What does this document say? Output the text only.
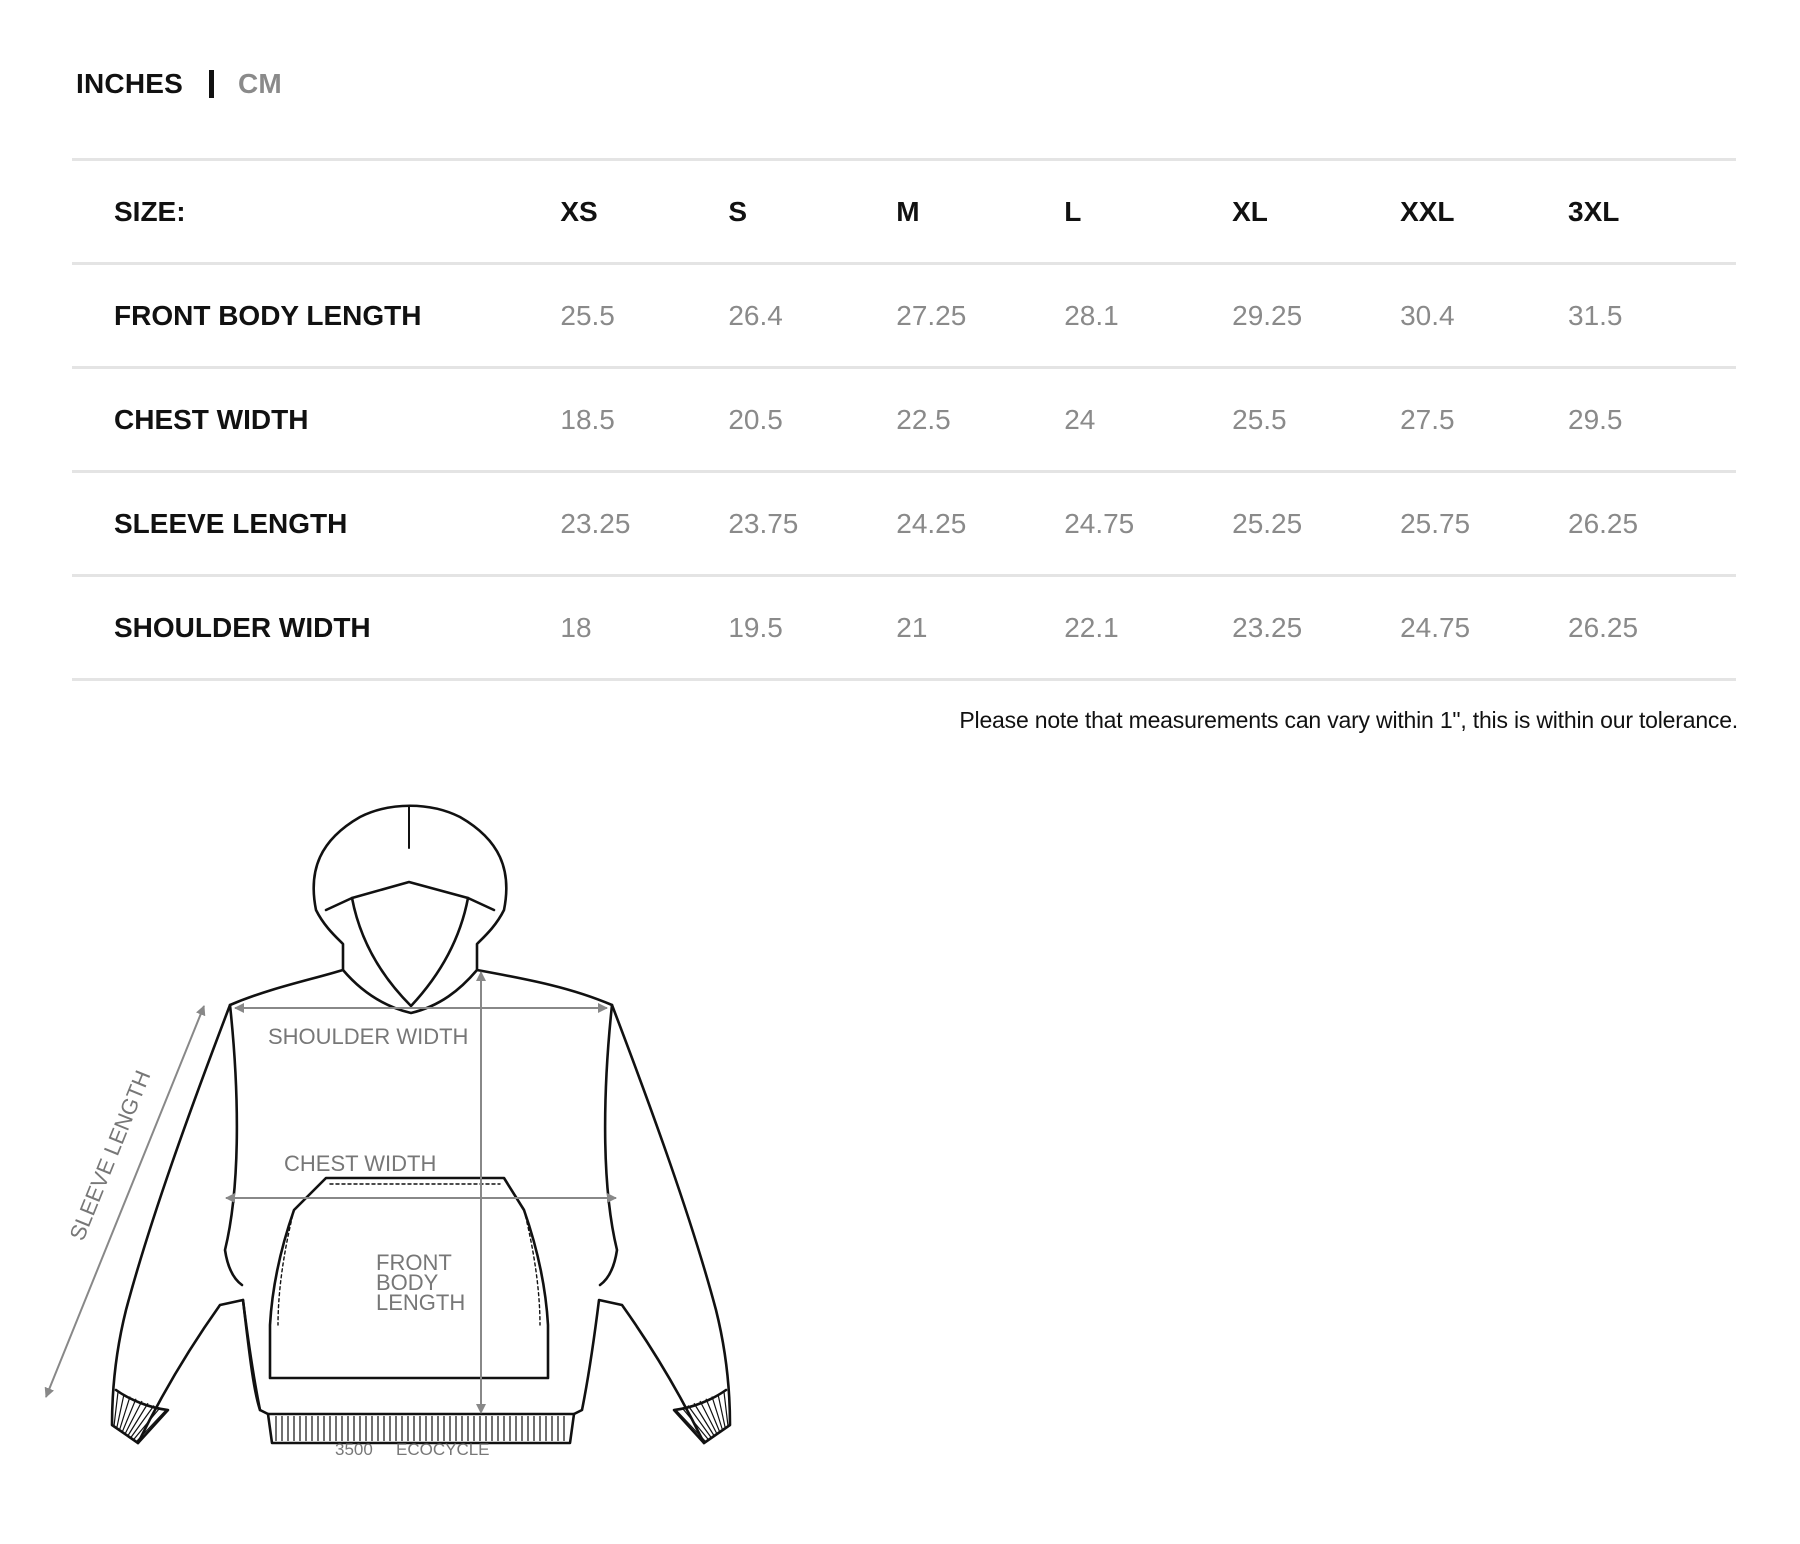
INCHES CM
SIZE:	XS	S	M	L	XL	XXL	3XL
FRONT BODY LENGTH	25.5	26.4	27.25	28.1	29.25	30.4	31.5
CHEST WIDTH	18.5	20.5	22.5	24	25.5	27.5	29.5
SLEEVE LENGTH	23.25	23.75	24.25	24.75	25.25	25.75	26.25
SHOULDER WIDTH	18	19.5	21	22.1	23.25	24.75	26.25
Please note that measurements can vary within 1", this is within our tolerance.
SHOULDER WIDTH
CHEST WIDTH
FRONT
BODY
LENGTH
SLEEVE LENGTH
3500 ECOCYCLE
